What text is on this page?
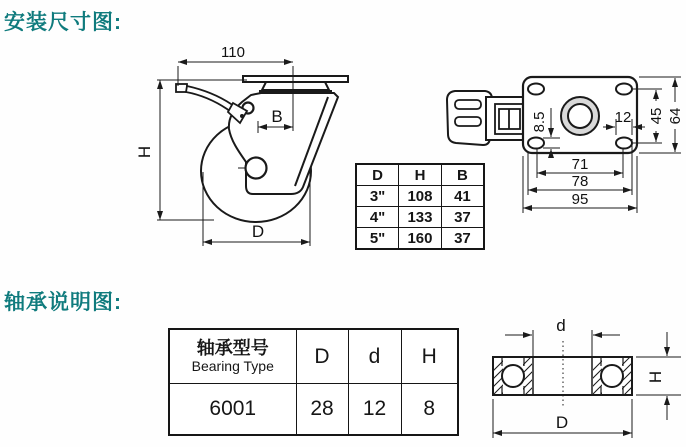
安装尺寸图:
轴承说明图:
D	H	B
3"	108	41
4"	133	37
5"	160	37
轴承型号
Bearing Type	D	d	H
6001	28	12	8
110
H
B
D
8.5	12 45 64
71
78
95
d
D
H
